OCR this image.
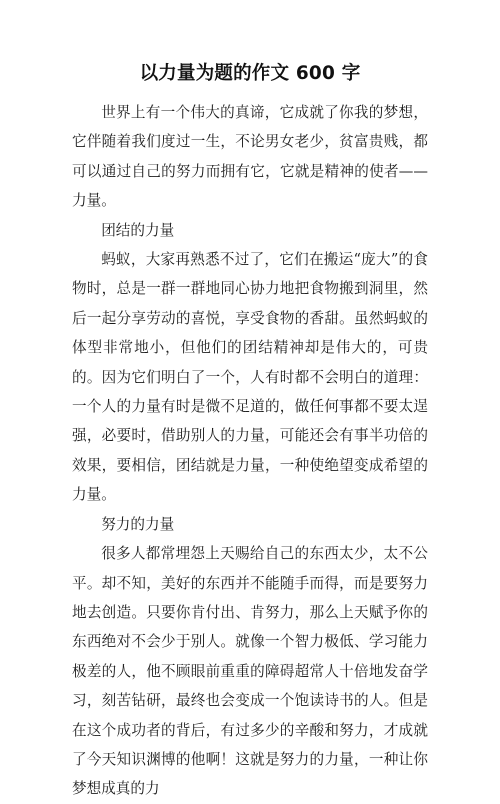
以力量为题的作文 600 字

世界上有一个伟大的真谛，它成就了你我的梦想，它伴随着我们度过一生，不论男女老少，贫富贵贱，都可以通过自己的努力而拥有它，它就是精神的使者——力量。

团结的力量

蚂蚁，大家再熟悉不过了，它们在搬运“庞大”的食物时，总是一群一群地同心协力地把食物搬到洞里，然后一起分享劳动的喜悦，享受食物的香甜。虽然蚂蚁的体型非常地小，但他们的团结精神却是伟大的，可贵的。因为它们明白了一个，人有时都不会明白的道理：一个人的力量有时是微不足道的，做任何事都不要太逞强，必要时，借助别人的力量，可能还会有事半功倍的效果，要相信，团结就是力量，一种使绝望变成希望的力量。

努力的力量

很多人都常埋怨上天赐给自己的东西太少，太不公平。却不知，美好的东西并不能随手而得，而是要努力地去创造。只要你肯付出、肯努力，那么上天赋予你的东西绝对不会少于别人。就像一个智力极低、学习能力极差的人，他不顾眼前重重的障碍超常人十倍地发奋学习，刻苦钻研，最终也会变成一个饱读诗书的人。但是在这个成功者的背后，有过多少的辛酸和努力，才成就了今天知识渊博的他啊！这就是努力的力量，一种让你梦想成真的力
